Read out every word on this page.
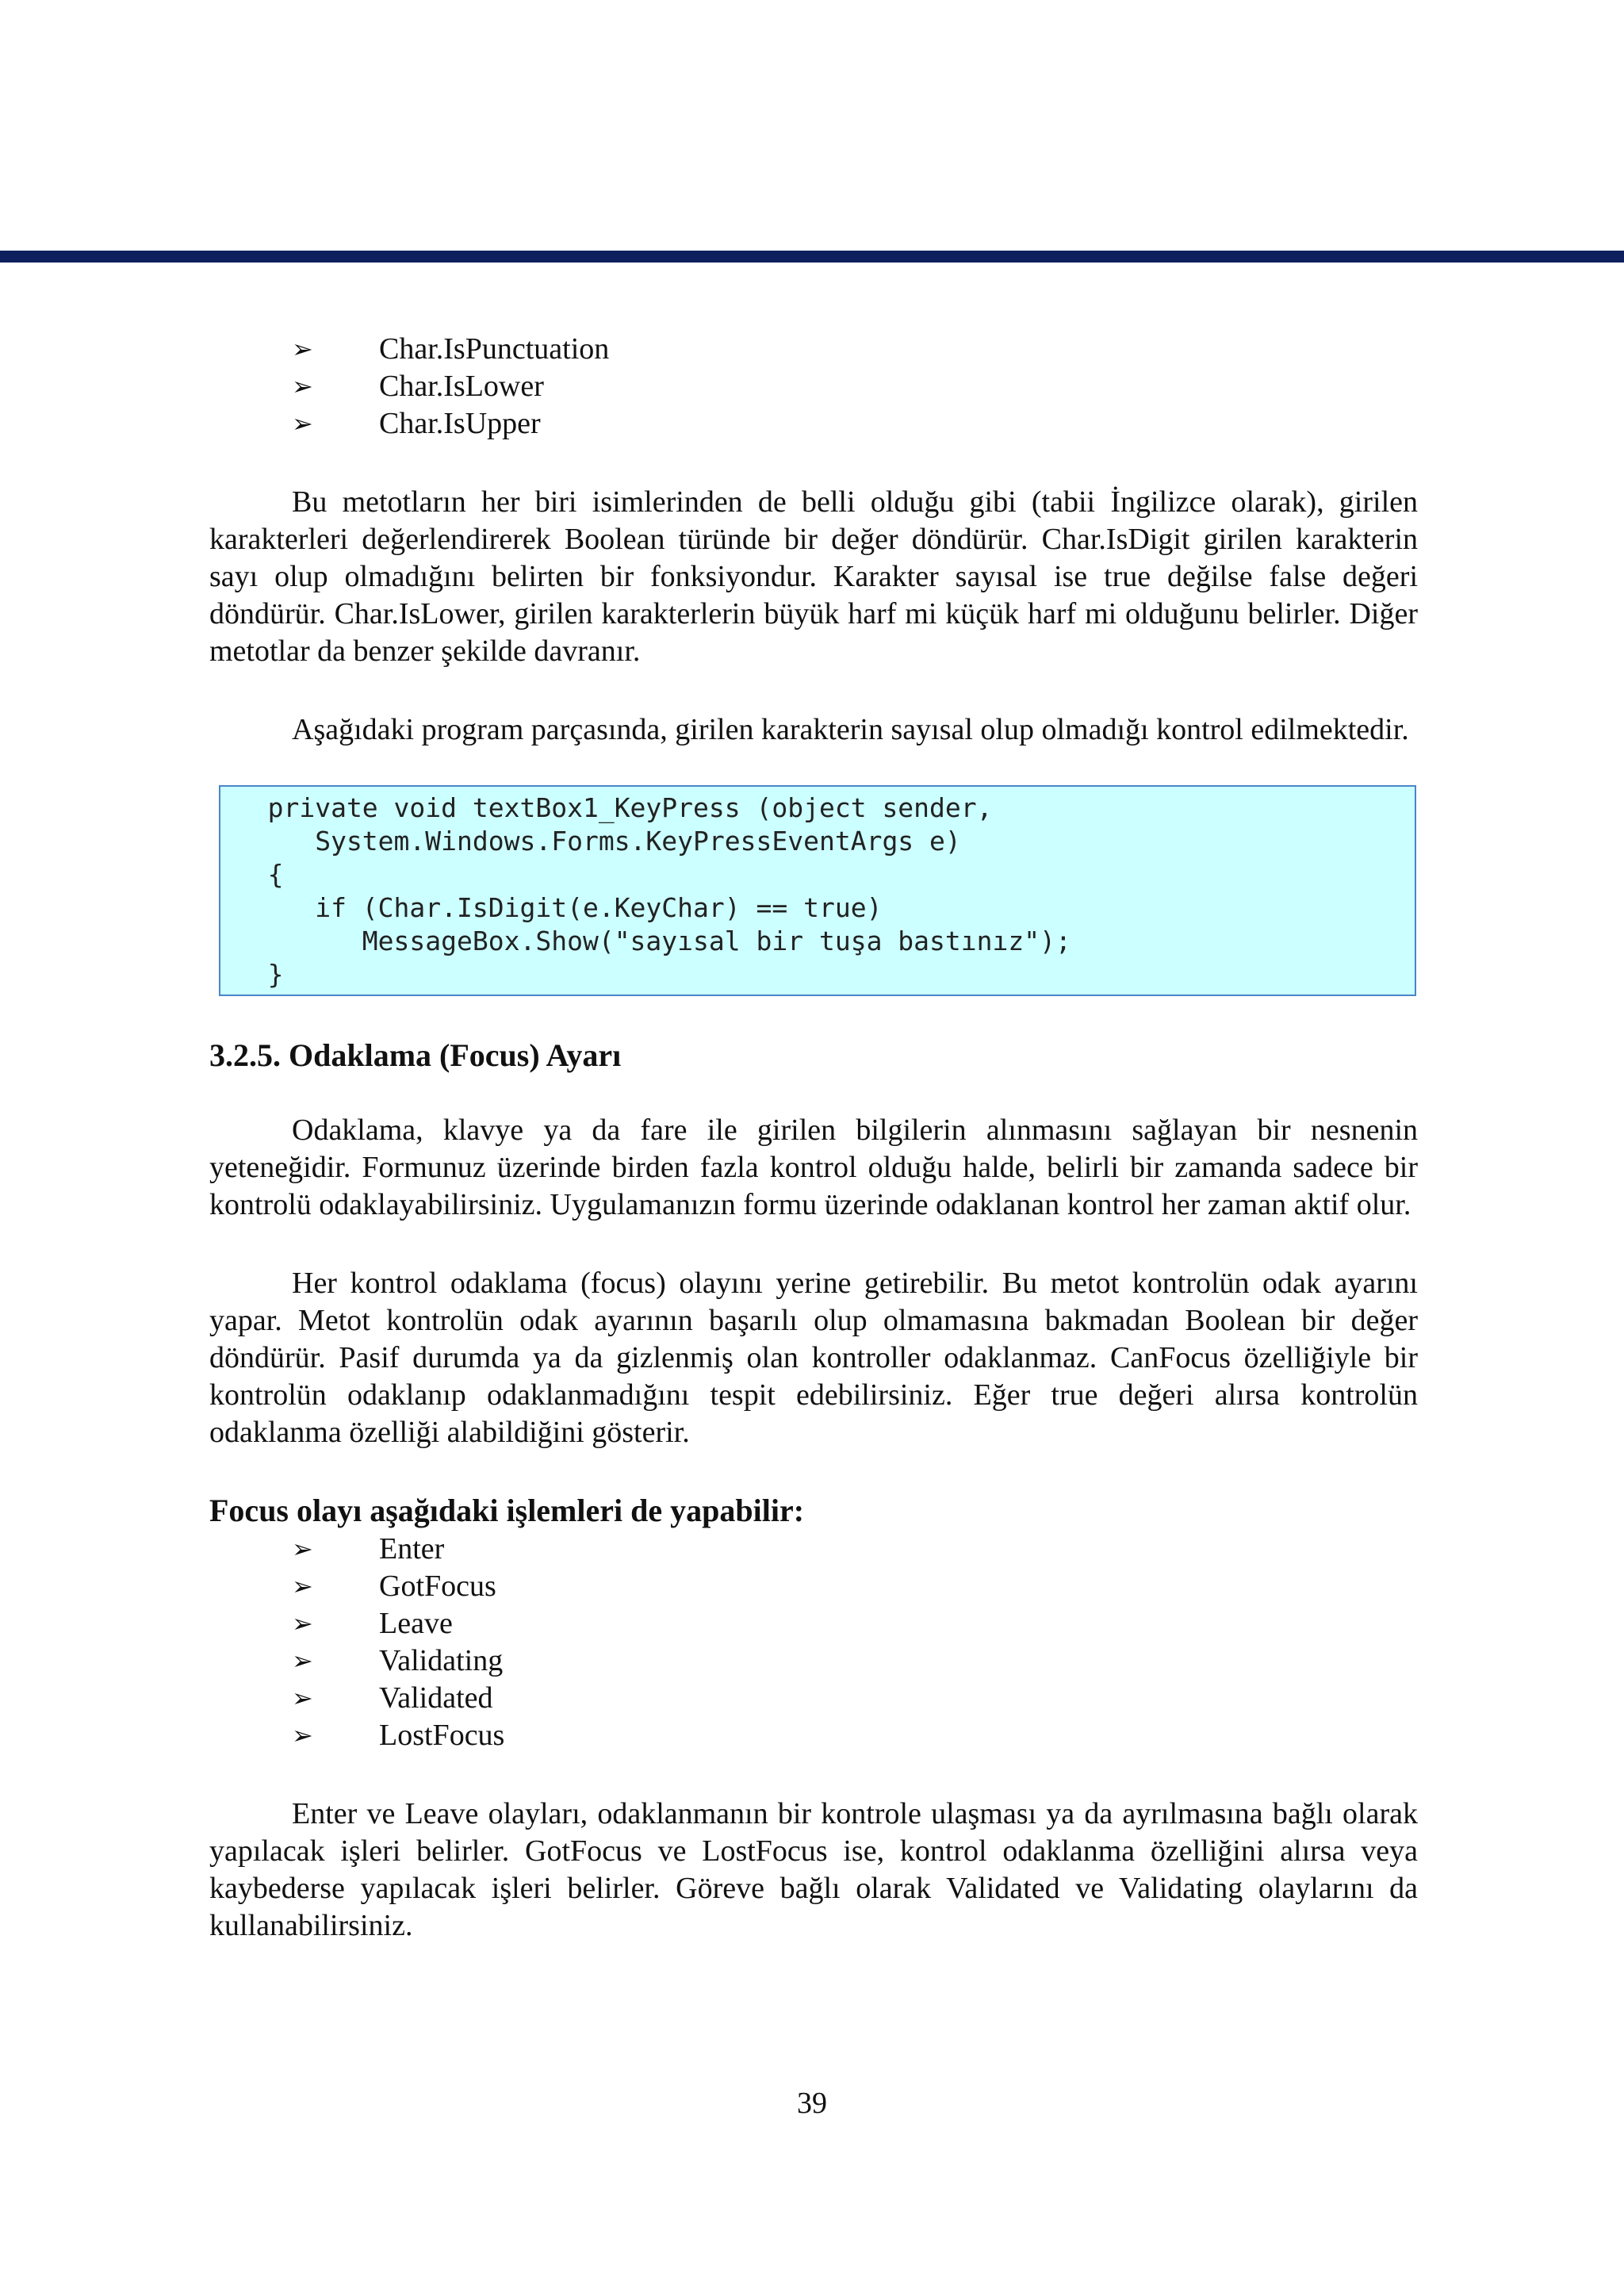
➢	Char.IsPunctuation
➢	Char.IsLower
➢	Char.IsUpper

Bu metotların her biri isimlerinden de belli olduğu gibi (tabii İngilizce olarak), girilen karakterleri değerlendirerek Boolean türünde bir değer döndürür. Char.IsDigit girilen karakterin sayı olup olmadığını belirten bir fonksiyondur. Karakter sayısal ise true değilse false değeri döndürür. Char.IsLower, girilen karakterlerin büyük harf mi küçük harf mi olduğunu belirler. Diğer metotlar da benzer şekilde davranır.

Aşağıdaki program parçasında, girilen karakterin sayısal olup olmadığı kontrol edilmektedir.

private void textBox1_KeyPress (object sender,
System.Windows.Forms.KeyPressEventArgs e)
{
if (Char.IsDigit(e.KeyChar) == true)
MessageBox.Show("sayısal bir tuşa bastınız");
}
3.2.5. Odaklama (Focus) Ayarı

Odaklama, klavye ya da fare ile girilen bilgilerin alınmasını sağlayan bir nesnenin yeteneğidir. Formunuz üzerinde birden fazla kontrol olduğu halde, belirli bir zamanda sadece bir kontrolü odaklayabilirsiniz. Uygulamanızın formu üzerinde odaklanan kontrol her zaman aktif olur.

Her kontrol odaklama (focus) olayını yerine getirebilir. Bu metot kontrolün odak ayarını yapar. Metot kontrolün odak ayarının başarılı olup olmamasına bakmadan Boolean bir değer döndürür. Pasif durumda ya da gizlenmiş olan kontroller odaklanmaz. CanFocus özelliğiyle bir kontrolün odaklanıp odaklanmadığını tespit edebilirsiniz. Eğer true değeri alırsa kontrolün odaklanma özelliği alabildiğini gösterir.

Focus olayı aşağıdaki işlemleri de yapabilir:
➢	Enter
➢	GotFocus
➢	Leave
➢	Validating
➢	Validated
➢	LostFocus

Enter ve Leave olayları, odaklanmanın bir kontrole ulaşması ya da ayrılmasına bağlı olarak yapılacak işleri belirler. GotFocus ve LostFocus ise, kontrol odaklanma özelliğini alırsa veya kaybederse yapılacak işleri belirler. Göreve bağlı olarak Validated ve Validating olaylarını da kullanabilirsiniz.

39
